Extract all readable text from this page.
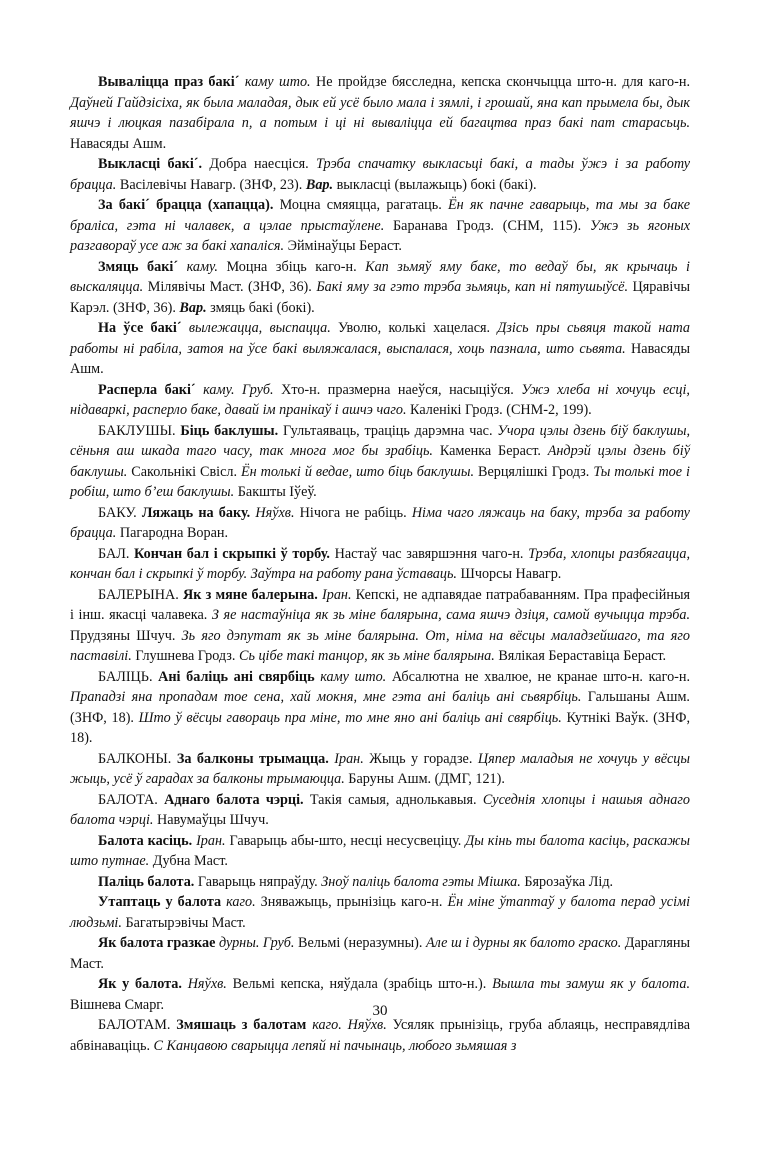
Вываліцца праз бакі´ каму што. Не пройдзе бясследна, кепска скончыцца што-н. для каго-н. Даўней Гайдзісіха, як была маладая, дык ей усё было мала і зямлі, і грошай, яна кап прымела бы, дык яшчэ і люцкая пазабірала п, а потым і ці ні вываліцца ей багацтва праз бакі пат старасьць. Навасяды Ашм.

Выкласці бакі´. Добра наесціся. Трэба спачатку выкласьці бакі, а тады ўжэ і за работу брацца. Васілевічы Навагр. (ЗНФ, 23). Вар. выкласці (вылажыць) бокі (бакі).

За бакі´ брацца (хапацца). Моцна смяяцца, рагатаць. Ён як пачне гаварыць, та мы за баке браліса, гэта ні чалавек, а цэлае прыстаўлене. Баранава Гродз. (СНМ, 115). Ужэ зь ягоных разгавораў усе аж за бакі хапаліся. Эймінаўцы Бераст.

Змяць бакі´ каму. Моцна збіць каго-н. Кап зьмяў яму баке, то ведаў бы, як крычаць і выскаляцца. Мілявічы Маст. (ЗНФ, 36). Бакі яму за гэто трэба зьмяць, кап ні пятушыўсё. Цяравічы Карэл. (ЗНФ, 36). Вар. змяць бакі (бокі).

На ўсе бакі´ вылежацца, выспацца. Уволю, колькі хацелася. Дзісь пры сьвяця такой ната работы ні рабіла, затоя на ўсе бакі выляжалася, выспалася, хоць пазнала, што сьвята. Навасяды Ашм.

Расперла бакі´ каму. Груб. Хто-н. празмерна наеўся, насыціўся. Ужэ хлеба ні хочуць есці, нідаваркі, расперло баке, давай ім пранікаў і ашчэ чаго. Каленікі Гродз. (СНМ-2, 199).

БАКЛУШЫ. Біць баклушы. Гультаяваць, траціць дарэмна час. Учора цэлы дзень біў баклушы, сёньня аш шкада таго часу, так многа мог бы зрабіць. Каменка Бераст. Андрэй цэлы дзень біў баклушы. Сакольнікі Свісл. Ён толькі й ведае, што біць баклушы. Верцялішкі Гродз. Ты толькі тое і робіш, што б’еш баклушы. Бакшты Іўеў.

БАКУ. Ляжаць на баку. Няўхв. Нічога не рабіць. Німа чаго ляжаць на баку, трэба за работу брацца. Пагародна Воран.

БАЛ. Кончан бал і скрыпкі ў торбу. Настаў час завяршэння чаго-н. Трэба, хлопцы разбягацца, кончан бал і скрыпкі ў торбу. Заўтра на работу рана ўставаць. Шчорсы Навагр.

БАЛЕРЫНА. Як з мяне балерына. Іран. Кепскі, не адпавядае патрабаванням. Пра прафесійныя і інш. якасці чалавека. З яе настаўніца як зь міне балярына, сама яшчэ дзіця, самой вучыцца трэба. Прудзяны Шчуч. Зь яго дэпутат як зь міне балярына. От, німа на вёсцы маладзейшаго, та яго паставілі. Глушнева Гродз. Сь цібе такі танцор, як зь міне балярына. Вялікая Бераставіца Бераст.

БАЛІЦЬ. Ані баліць ані свярбіць каму што. Абсалютна не хвалюе, не кранае што-н. каго-н. Прападзі яна пропадам тое сена, хай мокня, мне гэта ані баліць ані сьвярбіць. Гальшаны Ашм. (ЗНФ, 18). Што ў вёсцы гавораць пра міне, то мне яно ані баліць ані свярбіць. Кутнікі Ваўк. (ЗНФ, 18).

БАЛКОНЫ. За балконы трымацца. Іран. Жыць у горадзе. Цяпер маладыя не хочуць у вёсцы жыць, усё ў гарадах за балконы трымаюцца. Баруны Ашм. (ДМГ, 121).

БАЛОТА. Аднаго балота чэрці. Такія самыя, аднолькавыя. Суседнія хлопцы і нашыя аднаго балота чэрці. Навумаўцы Шчуч.

Балота касіць. Іран. Гаварыць абы-што, несці несусвецiцу. Ды кінь ты балота касіць, раскажы што путнае. Дубна Маст.

Паліць балота. Гаварыць няпраўду. Зноў паліць балота гэты Мішка. Бярозаўка Лід.

Утаптаць у балота каго. Зняважыць, прынізіць каго-н. Ён міне ўтаптаў у балота перад усімі людзьмі. Багатырэвічы Маст.

Як балота гразкае дурны. Груб. Вельмі (неразумны). Але ш і дурны як балото граско. Дарагляны Маст.

Як у балота. Няўхв. Вельмі кепска, няўдала (зрабіць што-н.). Вышла ты замуш як у балота. Вішнева Смарг.

БАЛОТАМ. Змяшаць з балотам каго. Няўхв. Усяляк прынізіць, груба аблаяць, несправядліва абвінаваціць. С Канцавою сварыцца лепяй ні пачынаць, любого зьмяшая з

30
